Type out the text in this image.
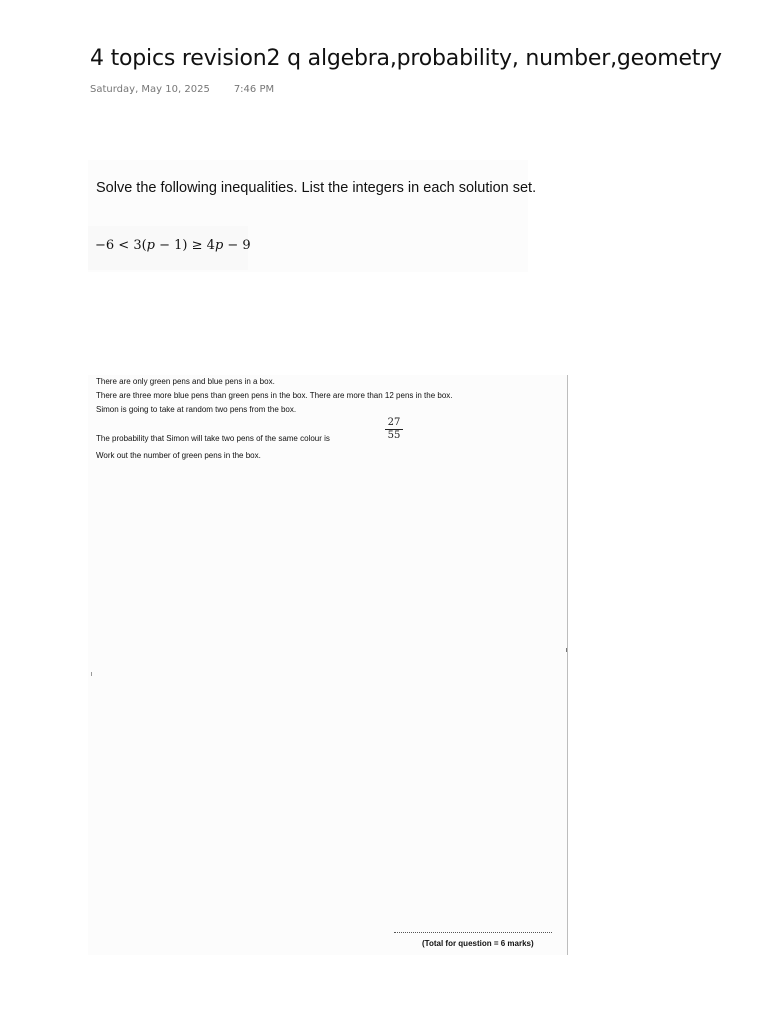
4 topics revision2 q algebra,probability, number,geometry
Saturday, May 10, 2025 7:46 PM
Solve the following inequalities. List the integers in each solution set.
−6 < 3(p − 1) ≥ 4p − 9
There are only green pens and blue pens in a box.
There are three more blue pens than green pens in the box. There are more than 12 pens in the box.
Simon is going to take at random two pens from the box.
The probability that Simon will take two pens of the same colour is	$\frac{27}{55}$
Work out the number of green pens in the box.
(Total for question = 6 marks)
